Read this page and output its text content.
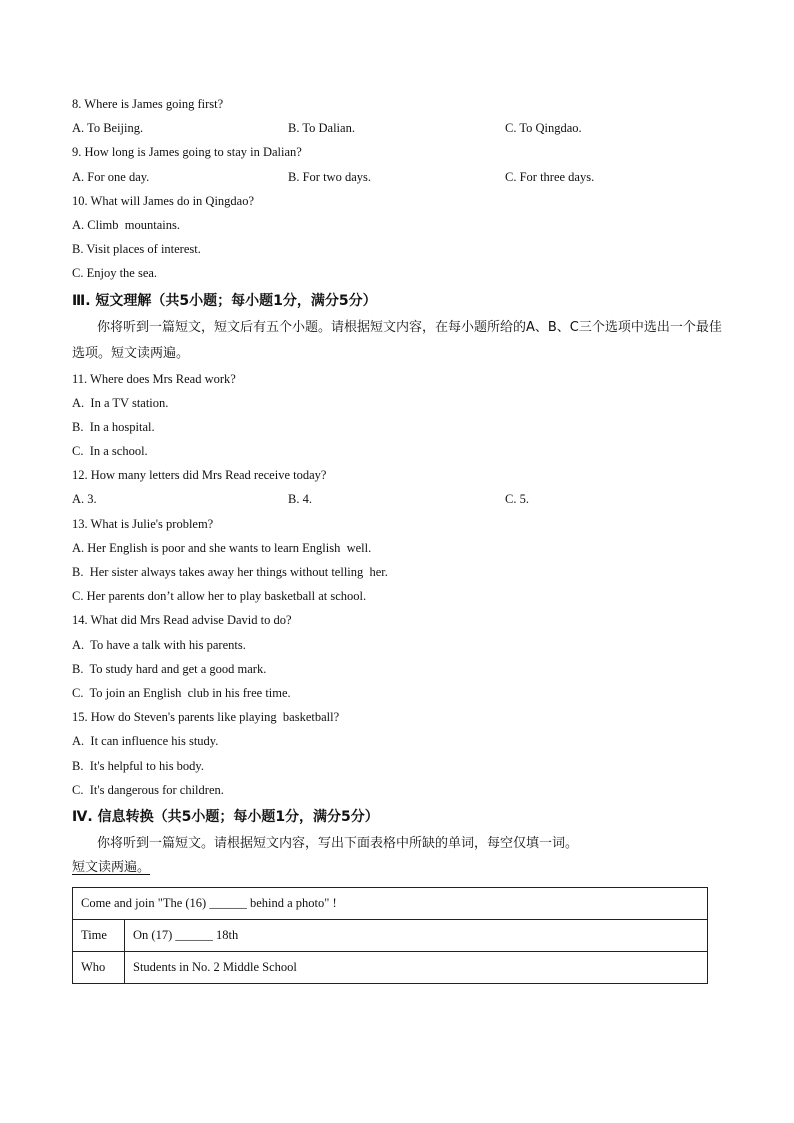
8. Where is James going first?
A. To Beijing.	B. To Dalian.	C. To Qingdao.
9. How long is James going to stay in Dalian?
A. For one day.	B. For two days.	C. For three days.
10. What will James do in Qingdao?
A. Climb  mountains.
B. Visit places of interest.
C. Enjoy the sea.
Ⅲ. 短文理解（共5小题；每小题1分，满分5分）
你将听到一篇短文，短文后有五个小题。请根据短文内容，在每小题所给的A、B、C三个选项中选出一个最佳选项。短文读两遍。
11. Where does Mrs Read work?
A.  In a TV station.
B.  In a hospital.
C.  In a school.
12. How many letters did Mrs Read receive today?
A. 3.	B. 4.	C. 5.
13. What is Julie's problem?
A. Her English is poor and she wants to learn English  well.
B.  Her sister always takes away her things without telling  her.
C. Her parents don’t allow her to play basketball at school.
14. What did Mrs Read advise David to do?
A.  To have a talk with his parents.
B.  To study hard and get a good mark.
C.  To join an English  club in his free time.
15. How do Steven's parents like playing  basketball?
A.  It can influence his study.
B.  It's helpful to his body.
C.  It's dangerous for children.
Ⅳ. 信息转换（共5小题；每小题1分，满分5分）
你将听到一篇短文。请根据短文内容，写出下面表格中所缺的单词，每空仅填一词。
短文读两遍。
Come and join "The (16) ______ behind a photo" !	
Time	On (17) ______ 18th
Who	Students in No. 2 Middle School
